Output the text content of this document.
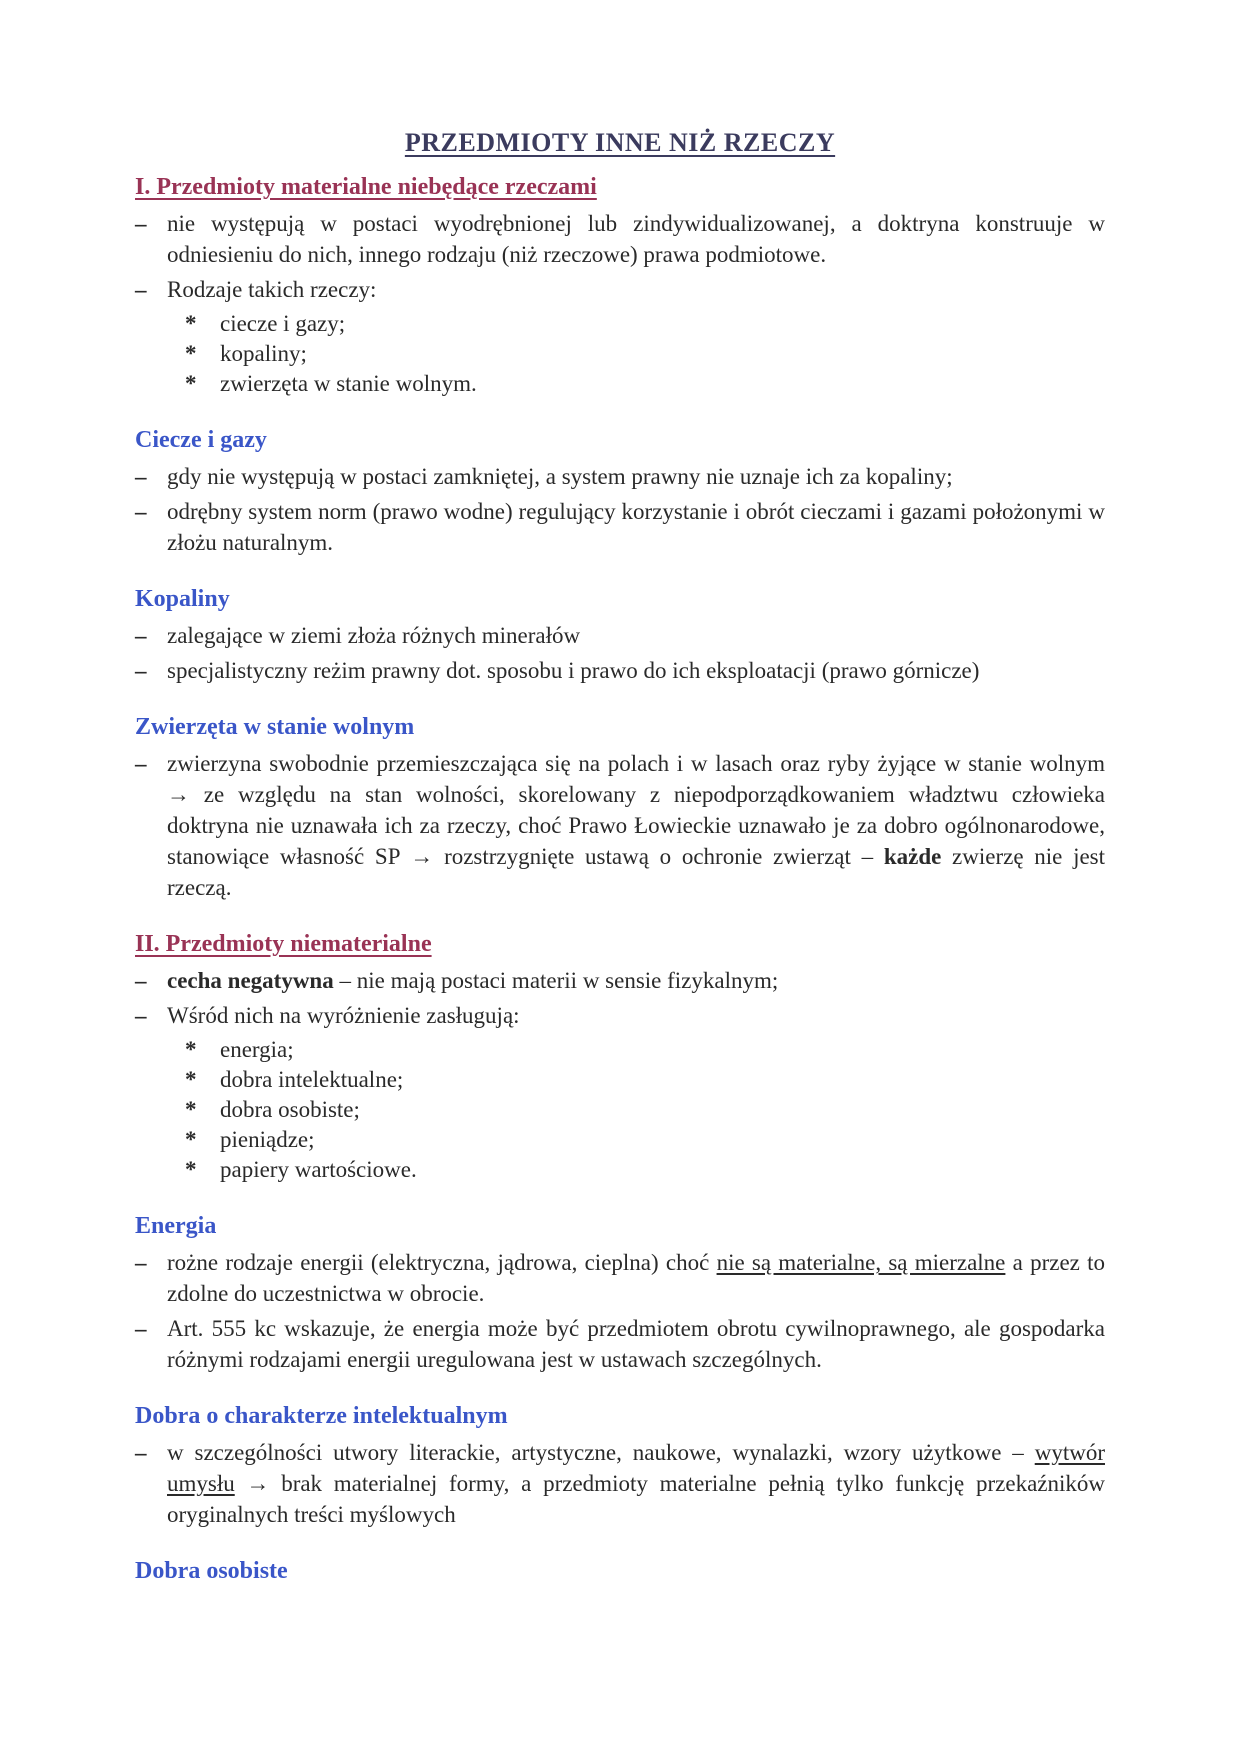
PRZEDMIOTY INNE NIŻ RZECZY
I. Przedmioty materialne niebędące rzeczami
– nie występują w postaci wyodrębnionej lub zindywidualizowanej, a doktryna konstruuje w odniesieniu do nich, innego rodzaju (niż rzeczowe) prawa podmiotowe.
– Rodzaje takich rzeczy:
*	ciecze i gazy;
*	kopaliny;
*	zwierzęta w stanie wolnym.
Ciecze i gazy
– gdy nie występują w postaci zamkniętej, a system prawny nie uznaje ich za kopaliny;
– odrębny system norm (prawo wodne) regulujący korzystanie i obrót cieczami i gazami położonymi w złożu naturalnym.
Kopaliny
– zalegające w ziemi złoża różnych minerałów
– specjalistyczny reżim prawny dot. sposobu i prawo do ich eksploatacji (prawo górnicze)
Zwierzęta w stanie wolnym
– zwierzyna swobodnie przemieszczająca się na polach i w lasach oraz ryby żyjące w stanie wolnym → ze względu na stan wolności, skorelowany z niepodporządkowaniem władztwu człowieka doktryna nie uznawała ich za rzeczy, choć Prawo Łowieckie uznawało je za dobro ogólnonarodowe, stanowiące własność SP → rozstrzygnięte ustawą o ochronie zwierząt – każde zwierzę nie jest rzeczą.
II. Przedmioty niematerialne
– cecha negatywna – nie mają postaci materii w sensie fizykalnym;
– Wśród nich na wyróżnienie zasługują:
*	energia;
*	dobra intelektualne;
*	dobra osobiste;
*	pieniądze;
*	papiery wartościowe.
Energia
– rożne rodzaje energii (elektryczna, jądrowa, cieplna) choć nie są materialne, są mierzalne a przez to zdolne do uczestnictwa w obrocie.
– Art. 555 kc wskazuje, że energia może być przedmiotem obrotu cywilnoprawnego, ale gospodarka różnymi rodzajami energii uregulowana jest w ustawach szczególnych.
Dobra o charakterze intelektualnym
– w szczególności utwory literackie, artystyczne, naukowe, wynalazki, wzory użytkowe – wytwór umysłu → brak materialnej formy, a przedmioty materialne pełnią tylko funkcję przekaźników oryginalnych treści myślowych
Dobra osobiste
